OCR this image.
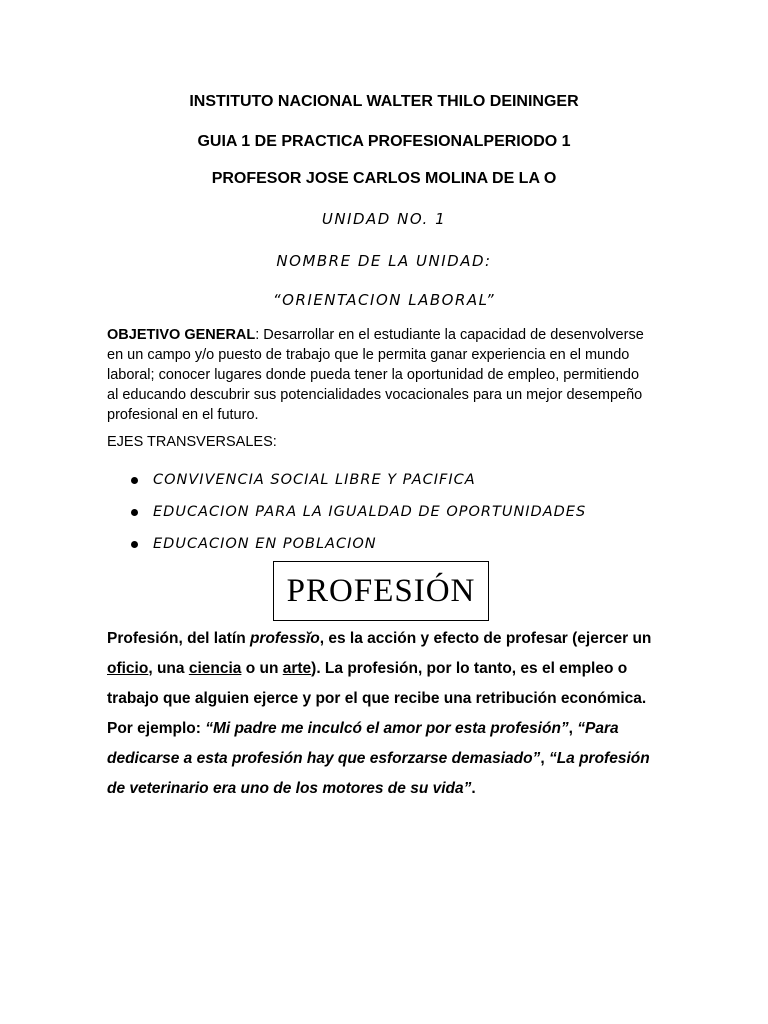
INSTITUTO NACIONAL WALTER THILO DEININGER
GUIA 1 DE PRACTICA PROFESIONALPERIODO 1
PROFESOR JOSE CARLOS MOLINA DE LA O
UNIDAD NO. 1
NOMBRE DE LA UNIDAD:
“ORIENTACION LABORAL”
OBJETIVO GENERAL: Desarrollar en el estudiante la capacidad de desenvolverse en un campo y/o puesto de trabajo que le permita ganar experiencia en el mundo laboral; conocer lugares donde pueda tener la oportunidad de empleo, permitiendo al educando descubrir sus potencialidades vocacionales para un mejor desempeño profesional en el futuro.
EJES TRANSVERSALES:
CONVIVENCIA SOCIAL LIBRE Y PACIFICA
EDUCACION PARA LA IGUALDAD DE OPORTUNIDADES
EDUCACION EN POBLACION
PROFESIÓN
Profesión, del latín professĭo, es la acción y efecto de profesar (ejercer un oficio, una ciencia o un arte). La profesión, por lo tanto, es el empleo o trabajo que alguien ejerce y por el que recibe una retribución económica. Por ejemplo: “Mi padre me inculcó el amor por esta profesión”, “Para dedicarse a esta profesión hay que esforzarse demasiado”, “La profesión de veterinario era uno de los motores de su vida”.
